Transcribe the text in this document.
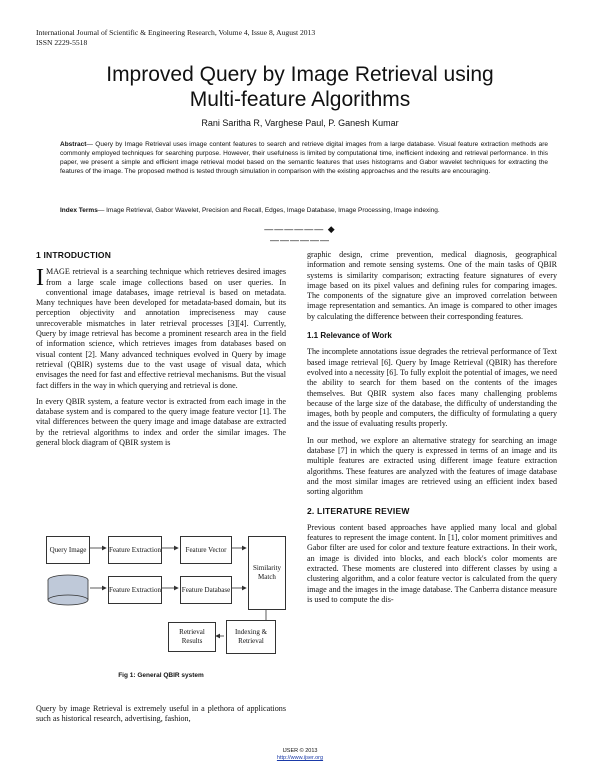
International Journal of Scientific & Engineering Research, Volume 4, Issue 8, August 2013
ISSN 2229-5518
Improved Query by Image Retrieval using
Multi-feature Algorithms
Rani Saritha R, Varghese Paul, P. Ganesh Kumar
Abstract— Query by Image Retrieval uses image content features to search and retrieve digital images from a large database. Visual feature extraction methods are commonly employed techniques for searching purpose. However, their usefulness is limited by computational time, inefficient indexing and retrieval performance. In this paper, we present a simple and efficient image retrieval model based on the semantic features that uses histograms and Gabor wavelet techniques for extracting the features of the image. The proposed method is tested through simulation in comparison with the existing approaches and the results are encouraging.
Index Terms— Image Retrieval, Gabor Wavelet, Precision and Recall, Edges, Image Database, Image Processing, Image indexing.
—————— ◆ ——————
1 INTRODUCTION

IMAGE retrieval is a searching technique which retrieves desired images from a large scale image collections based on user queries. In conventional image databases, image retrieval is based on metadata. Many techniques have been developed for metadata-based domain, but its perception objectivity and annotation impreciseness may cause unrecoverable mismatches in later retrieval processes [3][4]. Currently, Query by image retrieval has become a prominent research area in the field of information science, which retrieves images from databases based on visual content [2]. Many advanced techniques evolved in Query by image retrieval (QBIR) systems due to the vast usage of visual data, which envisages the need for fast and effective retrieval mechanisms. But the visual fact differs in the way in which querying and retrieval is done.

In every QBIR system, a feature vector is extracted from each image in the database system and is compared to the query image feature vector [1]. The vital differences between the query image and image database are extracted by the retrieval algorithms to index and order the similar images. The general block diagram of QBIR system is

Query Image	Feature Extraction	Feature Vector
Feature Extraction	Feature Database
Similarity Match
Indexing & Retrieval
Retrieval Results
Fig 1: General QBIR system
Query by image Retrieval is extremely useful in a plethora of applications such as historical research, advertising, fashion,

graphic design, crime prevention, medical diagnosis, geographical information and remote sensing systems. One of the main tasks of QBIR systems is similarity comparison; extracting feature signatures of every image based on its pixel values and defining rules for comparing images. The components of the signature give an improved correlation between image representation and semantics. An image is compared to other images by calculating the difference between their corresponding features.

1.1 Relevance of Work

The incomplete annotations issue degrades the retrieval performance of Text based image retrieval [6]. Query by Image Retrieval (QBIR) has therefore evolved into a necessity [6]. To fully exploit the potential of images, we need the ability to search for them based on the contents of the images themselves. But QBIR system also faces many challenging problems because of the large size of the database, the difficulty of understanding the images, both by people and computers, the difficulty of formulating a query and the issue of evaluating results properly.

In our method, we explore an alternative strategy for searching an image database [7] in which the query is expressed in terms of an image and its multiple features are extracted using different image feature extraction algorithms. These features are analyzed with the features of image database and the most similar images are retrieved using an efficient index based sorting algorithm

2. LITERATURE REVIEW

Previous content based approaches have applied many local and global features to represent the image content. In [1], color moment primitives and Gabor filter are used for color and texture feature extractions. In their work, an image is divided into blocks, and each block's color moments are extracted. These moments are clustered into different classes by using a clustering algorithm, and a color feature vector is calculated from the query image and the images in the image database. The Canberra distance measure is used to compute the dis-

IJSER © 2013
http://www.ijser.org
